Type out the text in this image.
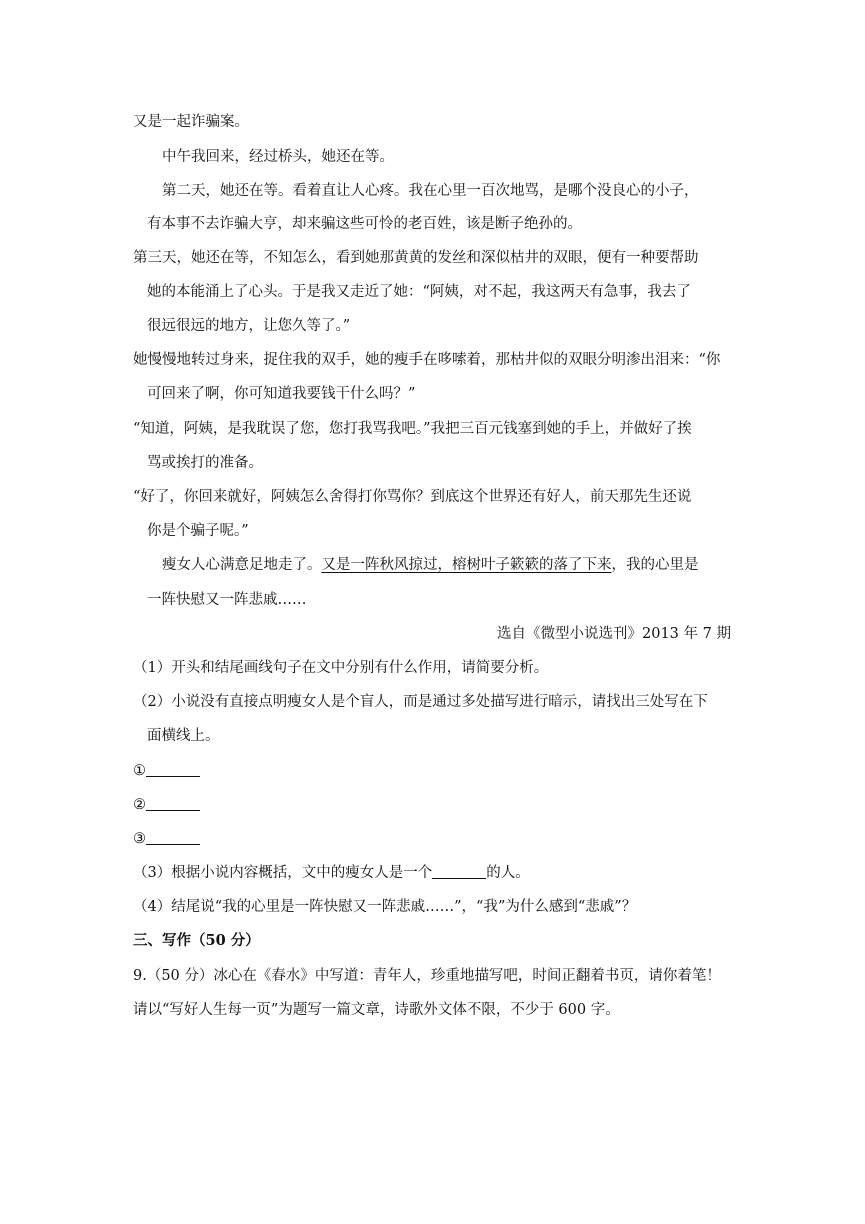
又是一起诈骗案。
中午我回来，经过桥头，她还在等。
第二天，她还在等。看着直让人心疼。我在心里一百次地骂，是哪个没良心的小子，
有本事不去诈骗大亨，却来骗这些可怜的老百姓，该是断子绝孙的。
第三天，她还在等，不知怎么，看到她那黄黄的发丝和深似枯井的双眼，便有一种要帮助
她的本能涌上了心头。于是我又走近了她：“阿姨，对不起，我这两天有急事，我去了
很远很远的地方，让您久等了。”
她慢慢地转过身来，捉住我的双手，她的瘦手在哆嗦着，那枯井似的双眼分明渗出泪来：“你
可回来了啊，你可知道我要钱干什么吗？”
“知道，阿姨，是我耽误了您，您打我骂我吧。”我把三百元钱塞到她的手上，并做好了挨
骂或挨打的准备。
“好了，你回来就好，阿姨怎么舍得打你骂你？到底这个世界还有好人，前天那先生还说
你是个骗子呢。”
瘦女人心满意足地走了。又是一阵秋风掠过，榕树叶子簌簌的落了下来，我的心里是
一阵快慰又一阵悲戚……
选自《微型小说选刊》2013 年 7 期
（1）开头和结尾画线句子在文中分别有什么作用，请简要分析。
（2）小说没有直接点明瘦女人是个盲人，而是通过多处描写进行暗示，请找出三处写在下
面横线上。
①
②
③
（3）根据小说内容概括，文中的瘦女人是一个	的人。
（4）结尾说“我的心里是一阵快慰又一阵悲戚……”，“我”为什么感到“悲戚”？
三、写作（50 分）
9.（50 分）冰心在《春水》中写道：青年人，珍重地描写吧，时间正翻着书页，请你着笔！
请以“写好人生每一页”为题写一篇文章，诗歌外文体不限，不少于 600 字。
